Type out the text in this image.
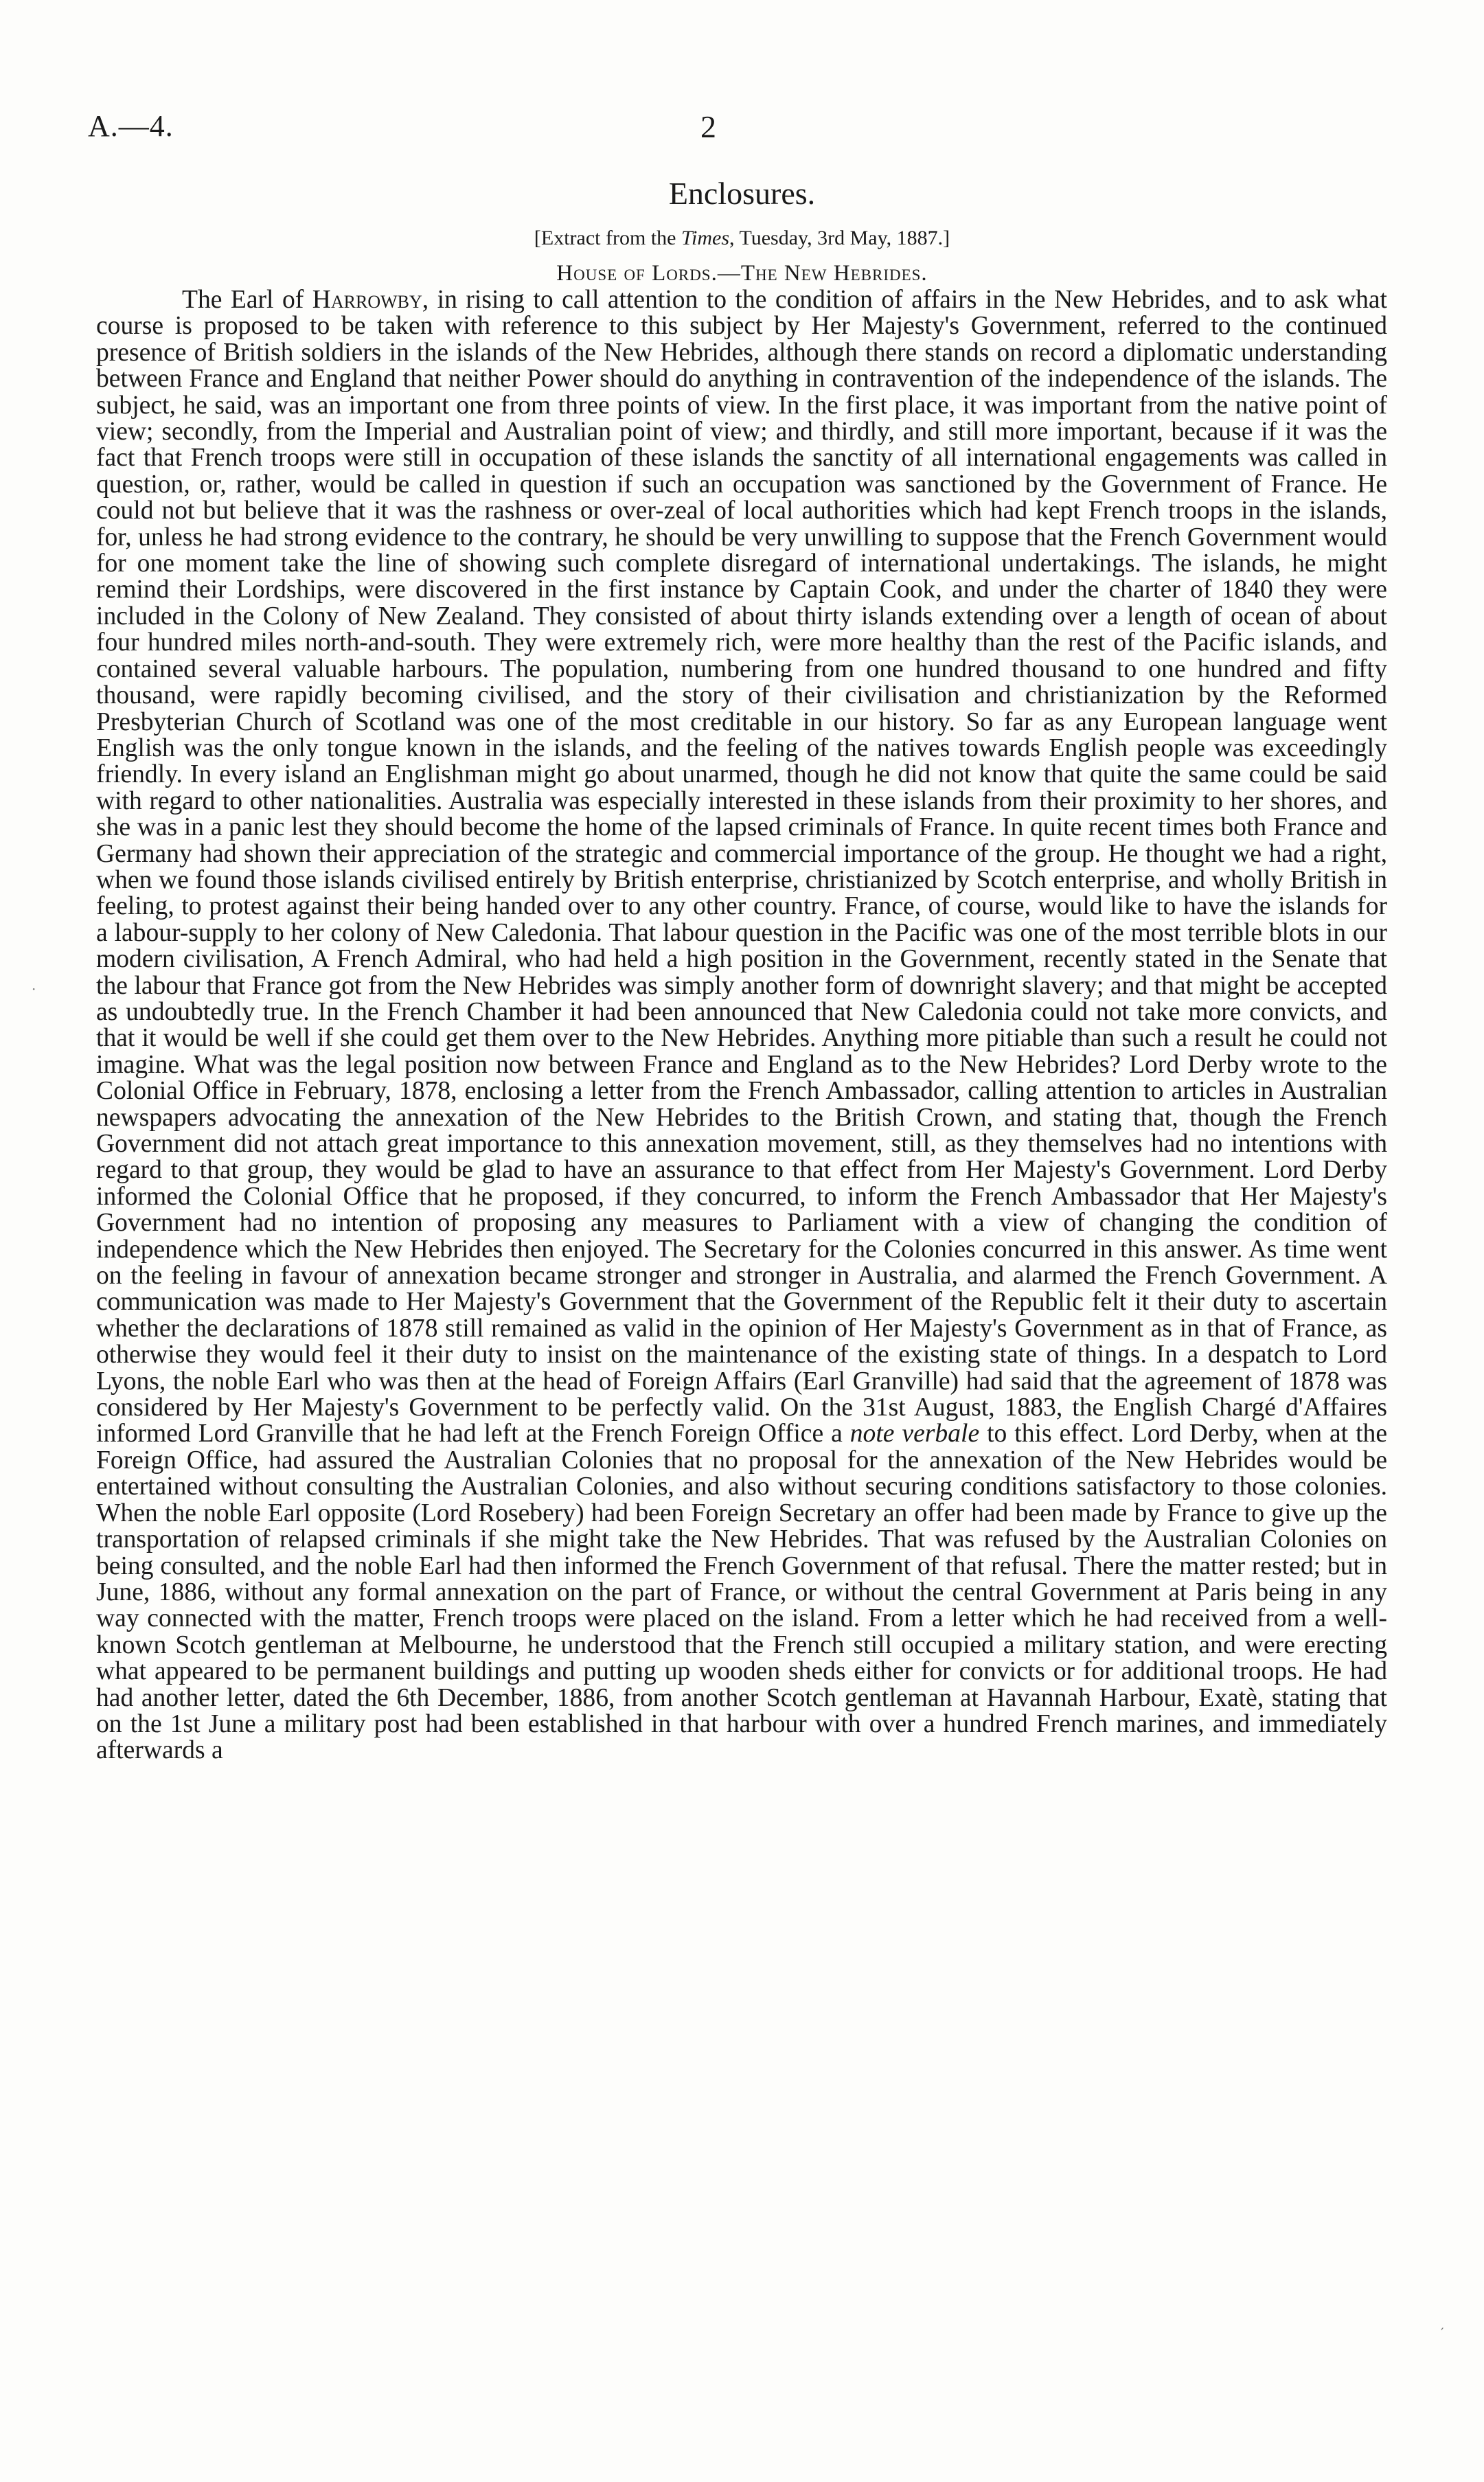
A.—4.	2
Enclosures.
[Extract from the Times, Tuesday, 3rd May, 1887.]
House of Lords.—The New Hebrides.
The Earl of Harrowby, in rising to call attention to the condition of affairs in the New Hebrides, and to ask what course is proposed to be taken with reference to this subject by Her Majesty's Government, referred to the continued presence of British soldiers in the islands of the New Hebrides, although there stands on record a diplomatic understanding between France and England that neither Power should do anything in contravention of the independence of the islands. The subject, he said, was an important one from three points of view. In the first place, it was important from the native point of view; secondly, from the Imperial and Australian point of view; and thirdly, and still more important, because if it was the fact that French troops were still in occupation of these islands the sanctity of all international engagements was called in question, or, rather, would be called in question if such an occupation was sanctioned by the Government of France. He could not but believe that it was the rashness or over-zeal of local authorities which had kept French troops in the islands, for, unless he had strong evidence to the contrary, he should be very unwilling to suppose that the French Government would for one moment take the line of showing such complete disregard of international undertakings. The islands, he might remind their Lordships, were discovered in the first instance by Captain Cook, and under the charter of 1840 they were included in the Colony of New Zealand. They consisted of about thirty islands extending over a length of ocean of about four hundred miles north-and-south. They were extremely rich, were more healthy than the rest of the Pacific islands, and contained several valuable harbours. The population, numbering from one hundred thousand to one hundred and fifty thousand, were rapidly becoming civilised, and the story of their civilisation and christianization by the Reformed Presbyterian Church of Scotland was one of the most creditable in our history. So far as any European language went English was the only tongue known in the islands, and the feeling of the natives towards English people was exceedingly friendly. In every island an Englishman might go about unarmed, though he did not know that quite the same could be said with regard to other nationalities. Australia was especially interested in these islands from their proximity to her shores, and she was in a panic lest they should become the home of the lapsed criminals of France. In quite recent times both France and Germany had shown their appreciation of the strategic and commercial importance of the group. He thought we had a right, when we found those islands civilised entirely by British enterprise, christianized by Scotch enterprise, and wholly British in feeling, to protest against their being handed over to any other country. France, of course, would like to have the islands for a labour-supply to her colony of New Caledonia. That labour question in the Pacific was one of the most terrible blots in our modern civilisation, A French Admiral, who had held a high position in the Government, recently stated in the Senate that the labour that France got from the New Hebrides was simply another form of downright slavery; and that might be accepted as undoubtedly true. In the French Chamber it had been announced that New Caledonia could not take more convicts, and that it would be well if she could get them over to the New Hebrides. Anything more pitiable than such a result he could not imagine. What was the legal position now between France and England as to the New Hebrides? Lord Derby wrote to the Colonial Office in February, 1878, enclosing a letter from the French Ambassador, calling attention to articles in Australian newspapers advocating the annexation of the New Hebrides to the British Crown, and stating that, though the French Government did not attach great importance to this annexation movement, still, as they themselves had no intentions with regard to that group, they would be glad to have an assurance to that effect from Her Majesty's Government. Lord Derby informed the Colonial Office that he proposed, if they concurred, to inform the French Ambassador that Her Majesty's Government had no intention of proposing any measures to Parliament with a view of changing the condition of independence which the New Hebrides then enjoyed. The Secretary for the Colonies concurred in this answer. As time went on the feeling in favour of annexation became stronger and stronger in Australia, and alarmed the French Government. A communication was made to Her Majesty's Government that the Government of the Republic felt it their duty to ascertain whether the declarations of 1878 still remained as valid in the opinion of Her Majesty's Government as in that of France, as otherwise they would feel it their duty to insist on the maintenance of the existing state of things. In a despatch to Lord Lyons, the noble Earl who was then at the head of Foreign Affairs (Earl Granville) had said that the agreement of 1878 was considered by Her Majesty's Government to be perfectly valid. On the 31st August, 1883, the English Chargé d'Affaires informed Lord Granville that he had left at the French Foreign Office a note verbale to this effect. Lord Derby, when at the Foreign Office, had assured the Australian Colonies that no proposal for the annexation of the New Hebrides would be entertained without consulting the Australian Colonies, and also without securing conditions satisfactory to those colonies. When the noble Earl opposite (Lord Rosebery) had been Foreign Secretary an offer had been made by France to give up the transportation of relapsed criminals if she might take the New Hebrides. That was refused by the Australian Colonies on being consulted, and the noble Earl had then informed the French Government of that refusal. There the matter rested; but in June, 1886, without any formal annexation on the part of France, or without the central Government at Paris being in any way connected with the matter, French troops were placed on the island. From a letter which he had received from a well-known Scotch gentleman at Melbourne, he understood that the French still occupied a military station, and were erecting what appeared to be permanent buildings and putting up wooden sheds either for convicts or for additional troops. He had had another letter, dated the 6th December, 1886, from another Scotch gentleman at Havannah Harbour, Exatè, stating that on the 1st June a military post had been established in that harbour with over a hundred French marines, and immediately afterwards a
·
′
